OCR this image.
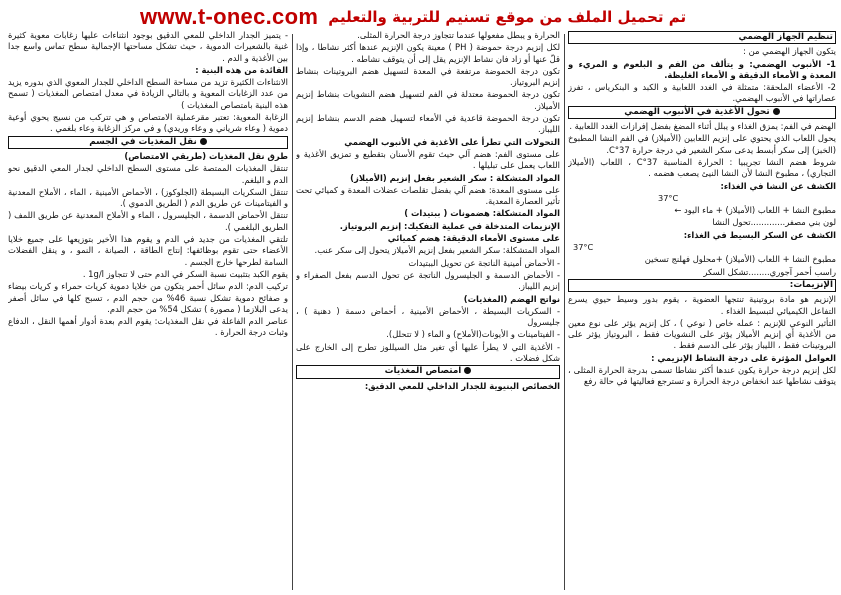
www.t-onec.com تم تحميل الملف من موقع تسنيم للتربية والتعليم
تنظيم الجهاز الهضمي

يتكون الجهاز الهضمي من :

1- الأنبوب الهضمي: و يتألف من الفم و البلعوم و المريء و المعدة و الأمعاء الدقيقة و الأمعاء الغليظة.

2- الأعضاء الملحقة: متمثلة في الغدد اللعابية و الكبد و البنكرياس ، تفرز عصاراتها في الأنبوب الهضمي.

تحول الأغذية في الأنبوب الهضمي

الهضم في الفم: يمزق الغذاء و يبلل أثناء المضغ بفضل إفرازات الغدد اللعابية .

يحول اللعاب الذي يحتوي على إنزيم اللعابين (الأميلاز) في الفم النشا المطبوخ (الخبز) إلى سكر أبسط يدعى سكر الشعير في درجة حرارة 37°C.

شروط هضم النشا تجريبيا : الحرارة المناسبة 37°C ، اللعاب (الأميلاز التجاري) ، مطبوخ النشا لأن النشا النيئ يصعب هضمه .

الكشف عن النشا في الغذاء:

37°C

مطبوخ النشا + اللعاب (الأميلاز) + ماء اليود ←

لون بني مصفر.............تحول النشا

الكشف عن السكر البسيط في الغذاء:

37°C

مطبوخ النشا + اللعاب (الأميلاز) +محلول فهلنج تسخين

راسب أحمر آجوري........تشكل السكر

الإنزيمات:

الإنزيم هو مادة بروتينية تنتجها العضوية ، يقوم بدور وسيط حيوي يسرع التفاعل الكيميائي لتبسيط الغذاء .

التأثير النوعي للإنزيم : عمله خاص ( نوعي ) ، كل إنزيم يؤثر على نوع معين من الأغذية أي إنزيم الأميلاز يؤثر على النشويات فقط ، البروتياز يؤثر على البروتينات فقط ، الليباز يؤثر على الدسم فقط .

العوامل المؤثرة على درجة النشاط الإنزيمي :

لكل إنزيم درجة حرارة يكون عندها أكثر نشاطا تسمى بدرجة الحرارة المثلى ، يتوقف نشاطها عند انخفاض درجة الحرارة و تسترجع فعاليتها في حالة رفع

الحرارة و يبطل مفعولها عندما تتجاوز درجة الحرارة المثلى.

لكل إنزيم درجة حموضة ( PH ) معينة يكون الإنزيم عندها أكثر نشاطا ، وإذا قلّ عنها أو زاد فان نشاط الإنزيم يقل إلى أن يتوقف نشاطه .

تكون درجة الحموضة مرتفعة في المعدة لتسهيل هضم البروتينات بنشاط إنزيم البروتياز.

تكون درجة الحموضة معتدلة في الفم لتسهيل هضم النشويات بنشاط إنزيم الأميلاز.

تكون درجة الحموضة قاعدية في الأمعاء لتسهيل هضم الدسم بنشاط إنزيم الليباز.

التحولات التي تطرأ على الأغذية في الأنبوب الهضمي

على مستوى الفم: هضم آلي حيث تقوم الأسنان بتقطيع و تمزيق الأغذية و اللعاب يعمل على تبليلها .

المواد المتشكلة : سكر الشعير بفعل إنزيم (الأميلاز)

على مستوى المعدة: هضم آلي بفضل تقلصات عضلات المعدة و كميائي تحت تأثير العصارة المعدية.

المواد المتشكلة: هضمونات ( ببتيدات )

الإنزيمات المتدخلة في عملية التفكيك: إنزيم البروتياز.

على مستوى الأمعاء الدقيقة: هضم كميائي

المواد المتشكلة: سكر الشعير بفعل إنزيم الأميلاز يتحول إلى سكر عنب.

- الأحماض أمينية الناتجة عن تحويل الببتيدات

- الأحماض الدسمة و الجليسرول الناتجة عن تحول الدسم بفعل الصفراء و إنزيم الليباز.

نواتج الهضم (المغذيات)

- السكريات البسيطة ، الأحماض الأمينية ، أحماض دسمة ( دهنية ) ، جليسرول

- الفيتامينات و الأيونات(الأملاح) و الماء ( لا تتحلل).

- الأغذية التي لا يطرأ عليها أي تغير مثل السيللوز تطرح إلى الخارج على شكل فضلات .

امتصاص المغذيات

الخصائص البنيوية للجدار الداخلي للمعي الدقيق:

- يتميز الجدار الداخلي للمعي الدقيق بوجود انثناءات عليها زغابات معوية كثيرة غنية بالشعيرات الدموية ، حيث تشكل مساحتها الإجمالية سطح تماس واسع جدا بين الأغذية و الدم .

الفائدة من هذه البنية :

الانثناءات الكثيرة تزيد من مساحة السطح الداخلي للجدار المعوي الذي بدوره يزيد من عدد الزغابات المعوية و بالتالي الزيادة في معدل امتصاص المغذيات ( تسمح هذه البنية بامتصاص المغذيات )

الزغابة المعوية: تعتبر مقرعملية الامتصاص و هي تتركب من نسيج يحوي أوعية دموية ( وعاء شرياني و وعاء وريدي) و في مركز الزغابة وعاء بلغمي .

نقل المغذيات في الجسم

طرق نقل المغذيات (طريقي الامتصاص)

تنتقل المغذيات الممتصة على مستوى السطح الداخلي لجدار المعي الدقيق نحو الدم و البلغم.

تنتقل السكريات البسيطة (الجلوكوز) ، الأحماض الأمينية ، الماء ، الأملاح المعدنية و الفيتامينات عن طريق الدم ( الطريق الدموي ).

تنتقل الأحماض الدسمة ، الجليسرول ، الماء و الأملاح المعدنية عن طريق اللمف ( الطريق البلغمي ).

تلتقي المغذيات من جديد في الدم و يقوم هذا الأخير بتوزيعها على جميع خلايا الأعضاء حتى تقوم بوظائفها: إنتاج الطاقة ، الصيانة ، النمو ، و ينقل الفضلات السامة لطرحها خارج الجسم .

يقوم الكبد بتثبيت نسبة السكر في الدم حتى لا تتجاوز 1g/l .

تركيب الدم: الدم سائل أحمر يتكون من خلايا دموية كريات حمراء و كريات بيضاء و صفائح دموية تشكل نسبة 46% من حجم الدم ، تسبح كلها في سائل أصفر يدعى البلازما ( مصورة ) تشكل 54% من حجم الدم.

عناصر الدم الفاعلة في نقل المغذيات: يقوم الدم بعدة أدوار أهمها النقل ، الدفاع وثبات درجة الحرارة .
